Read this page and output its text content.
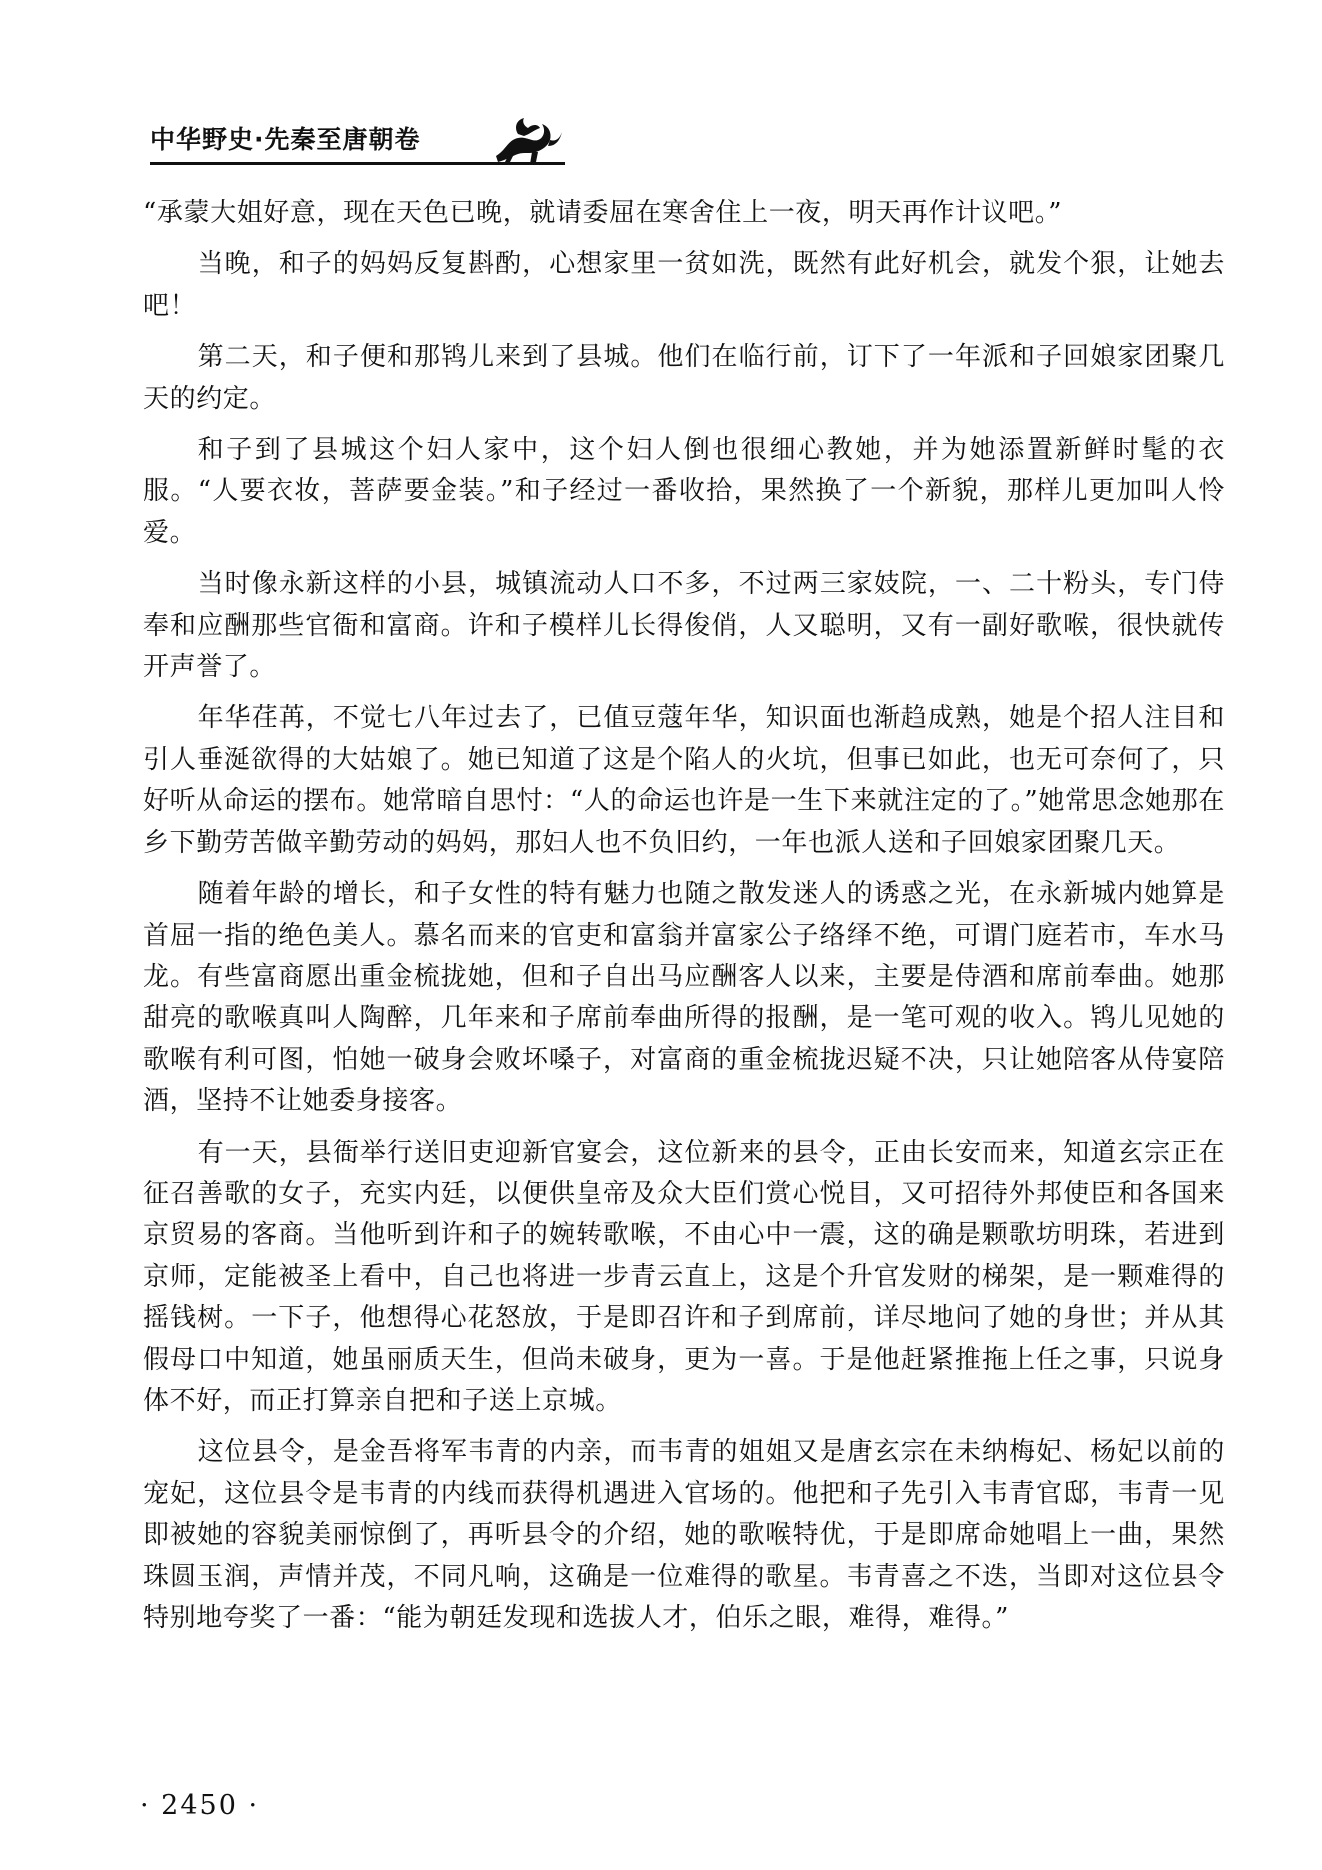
中华野史·先秦至唐朝卷

“承蒙大姐好意，现在天色已晚，就请委屈在寒舍住上一夜，明天再作计议吧。”

当晚，和子的妈妈反复斟酌，心想家里一贫如洗，既然有此好机会，就发个狠，让她去吧！

第二天，和子便和那鸨儿来到了县城。他们在临行前，订下了一年派和子回娘家团聚几天的约定。

和子到了县城这个妇人家中，这个妇人倒也很细心教她，并为她添置新鲜时髦的衣服。“人要衣妆，菩萨要金装。”和子经过一番收拾，果然换了一个新貌，那样儿更加叫人怜爱。

当时像永新这样的小县，城镇流动人口不多，不过两三家妓院，一、二十粉头，专门侍奉和应酬那些官衙和富商。许和子模样儿长得俊俏，人又聪明，又有一副好歌喉，很快就传开声誉了。

年华荏苒，不觉七八年过去了，已值豆蔻年华，知识面也渐趋成熟，她是个招人注目和引人垂涎欲得的大姑娘了。她已知道了这是个陷人的火坑，但事已如此，也无可奈何了，只好听从命运的摆布。她常暗自思忖：“人的命运也许是一生下来就注定的了。”她常思念她那在乡下勤劳苦做辛勤劳动的妈妈，那妇人也不负旧约，一年也派人送和子回娘家团聚几天。

随着年龄的增长，和子女性的特有魅力也随之散发迷人的诱惑之光，在永新城内她算是首屈一指的绝色美人。慕名而来的官吏和富翁并富家公子络绎不绝，可谓门庭若市，车水马龙。有些富商愿出重金梳拢她，但和子自出马应酬客人以来，主要是侍酒和席前奉曲。她那甜亮的歌喉真叫人陶醉，几年来和子席前奉曲所得的报酬，是一笔可观的收入。鸨儿见她的歌喉有利可图，怕她一破身会败坏嗓子，对富商的重金梳拢迟疑不决，只让她陪客从侍宴陪酒，坚持不让她委身接客。

有一天，县衙举行送旧吏迎新官宴会，这位新来的县令，正由长安而来，知道玄宗正在征召善歌的女子，充实内廷，以便供皇帝及众大臣们赏心悦目，又可招待外邦使臣和各国来京贸易的客商。当他听到许和子的婉转歌喉，不由心中一震，这的确是颗歌坊明珠，若进到京师，定能被圣上看中，自己也将进一步青云直上，这是个升官发财的梯架，是一颗难得的摇钱树。一下子，他想得心花怒放，于是即召许和子到席前，详尽地问了她的身世；并从其假母口中知道，她虽丽质天生，但尚未破身，更为一喜。于是他赶紧推拖上任之事，只说身体不好，而正打算亲自把和子送上京城。

这位县令，是金吾将军韦青的内亲，而韦青的姐姐又是唐玄宗在未纳梅妃、杨妃以前的宠妃，这位县令是韦青的内线而获得机遇进入官场的。他把和子先引入韦青官邸，韦青一见即被她的容貌美丽惊倒了，再听县令的介绍，她的歌喉特优，于是即席命她唱上一曲，果然珠圆玉润，声情并茂，不同凡响，这确是一位难得的歌星。韦青喜之不迭，当即对这位县令特别地夸奖了一番：“能为朝廷发现和选拔人才，伯乐之眼，难得，难得。”

· 2450 ·
